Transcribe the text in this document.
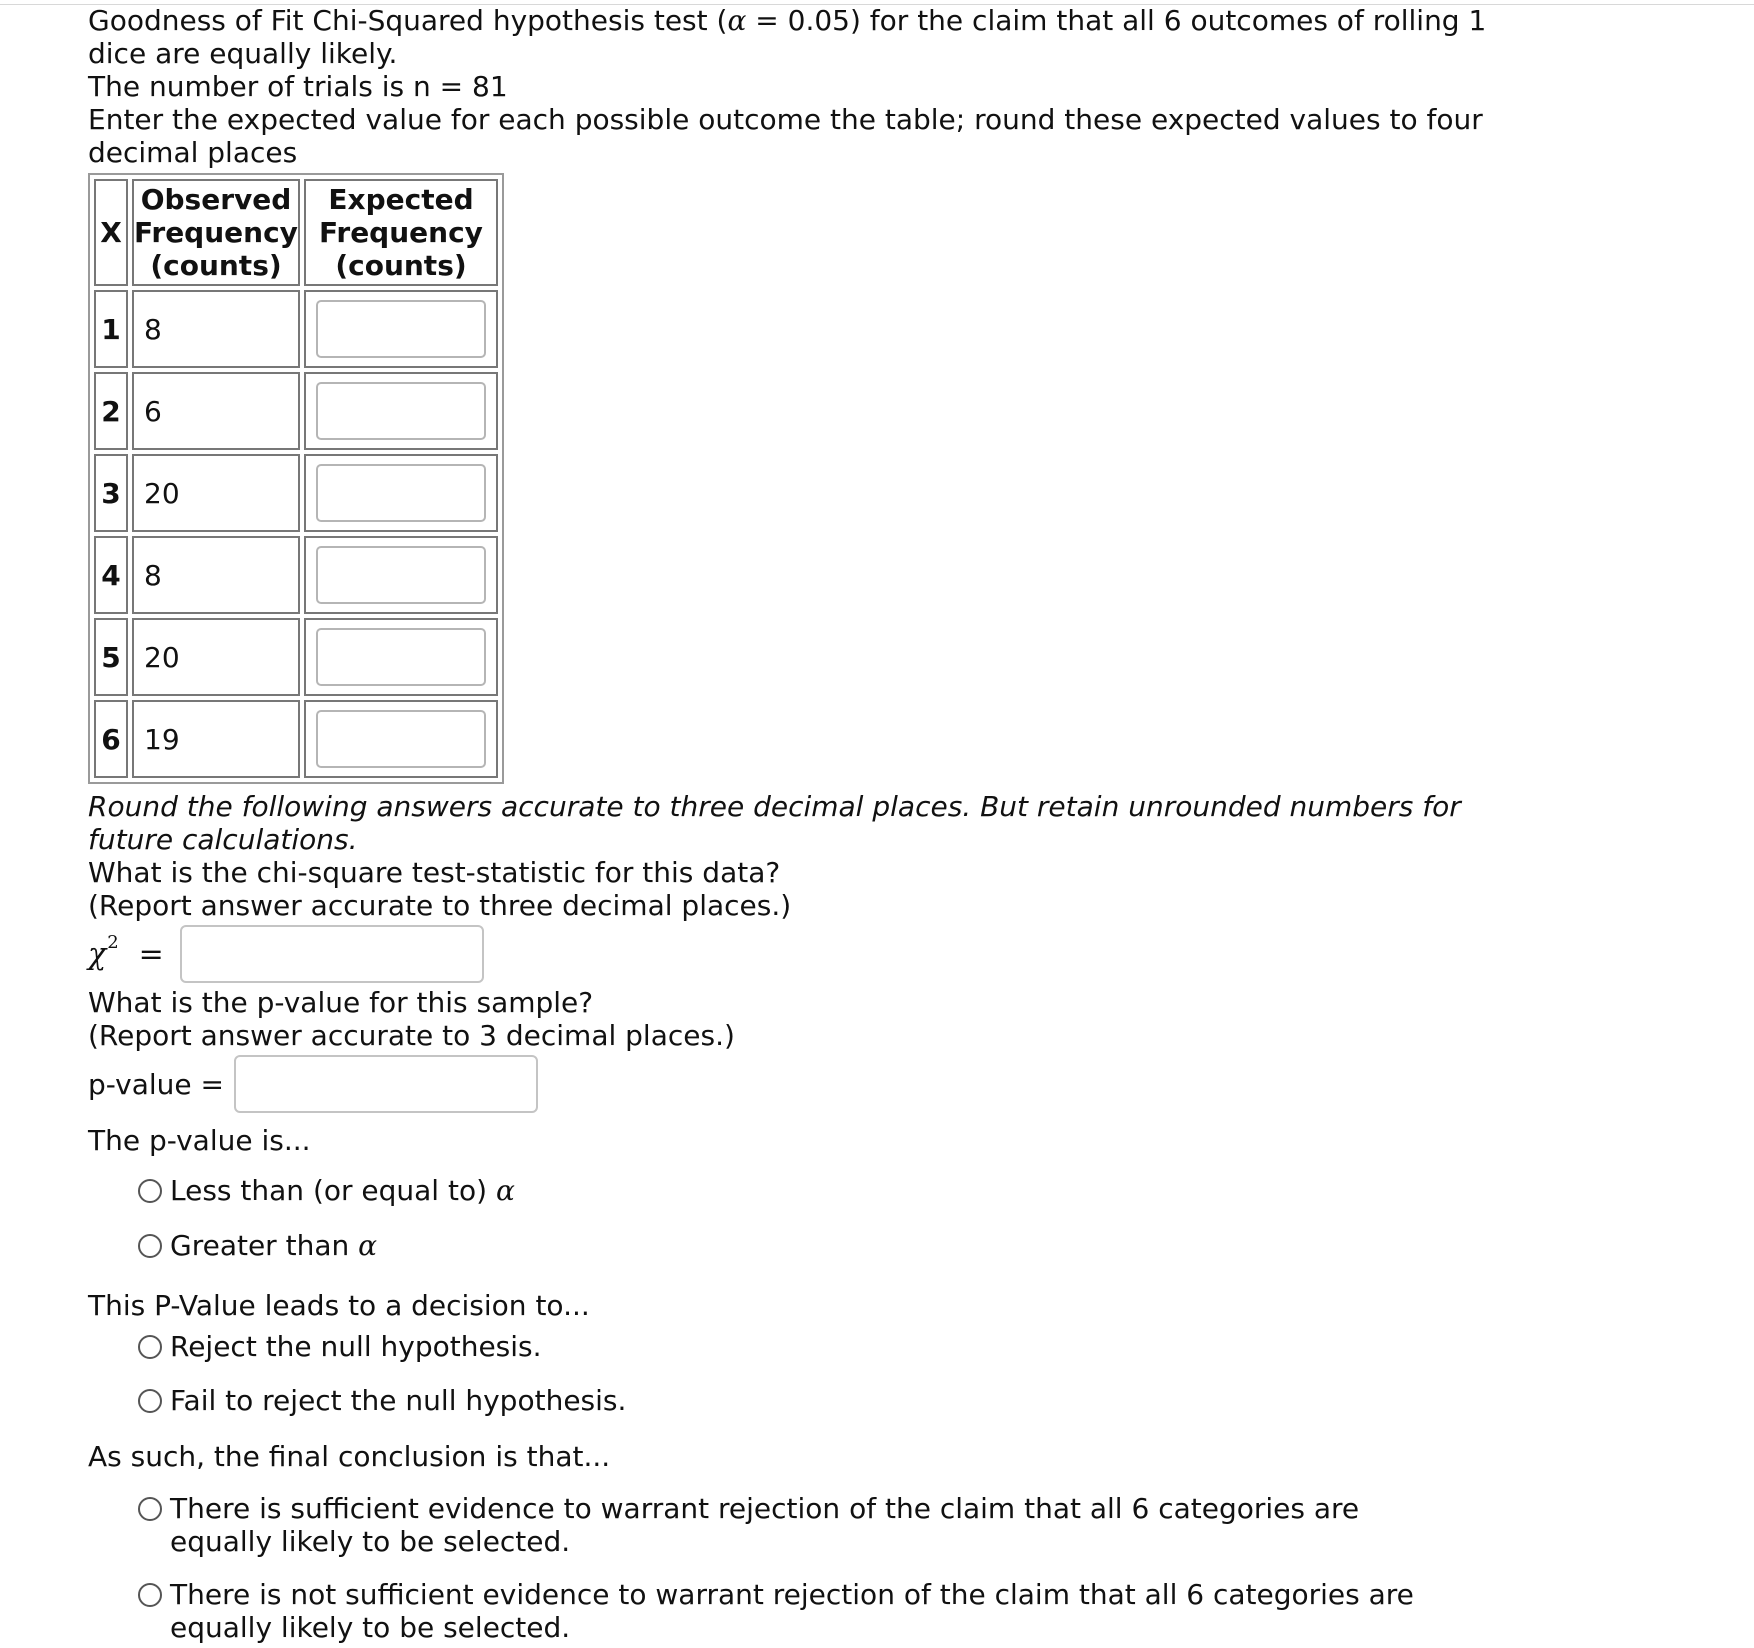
Goodness of Fit Chi-Squared hypothesis test (α = 0.05) for the claim that all 6 outcomes of rolling 1 dice are equally likely.

The number of trials is n = 81

Enter the expected value for each possible outcome the table; round these expected values to four decimal places

X	Observed Frequency (counts)	Expected Frequency (counts)
1	8	

2	6	

3	20	

4	8	

5	20	

6	19	

Round the following answers accurate to three decimal places. But retain unrounded numbers for future calculations.

What is the chi-square test-statistic for this data?

(Report answer accurate to three decimal places.)

$\chi^2$ =

What is the p-value for this sample?

(Report answer accurate to 3 decimal places.)

p-value =

The p-value is...

Less than (or equal to) α
Greater than α

This P-Value leads to a decision to...

Reject the null hypothesis.
Fail to reject the null hypothesis.

As such, the final conclusion is that...

There is sufficient evidence to warrant rejection of the claim that all 6 categories are equally likely to be selected.
There is not sufficient evidence to warrant rejection of the claim that all 6 categories are equally likely to be selected.
